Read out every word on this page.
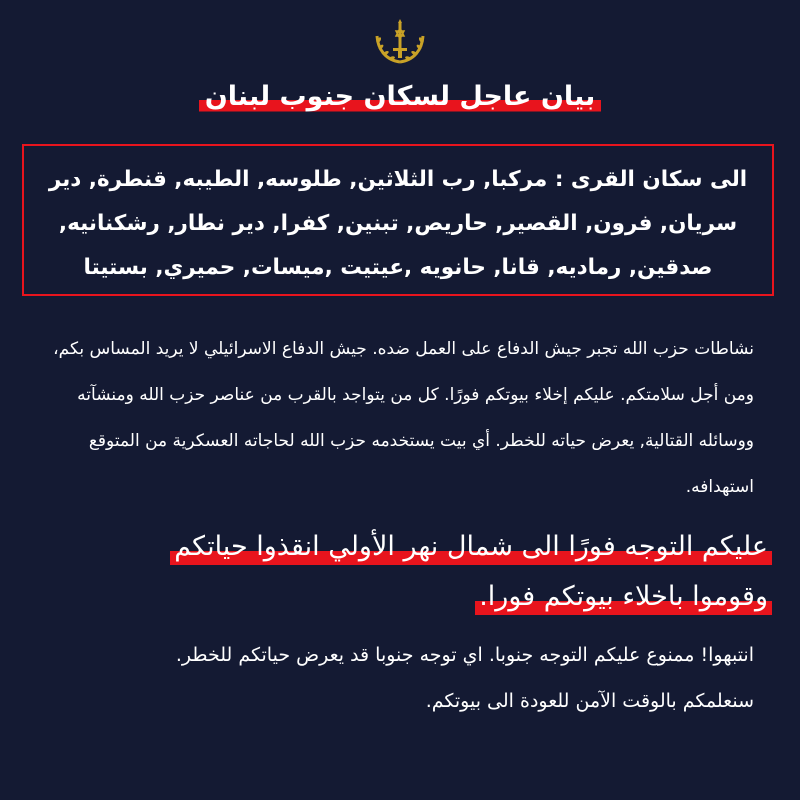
بيان عاجل لسكان جنوب لبنان

الى سكان القرى : مركبا, رب الثلاثين, طلوسه, الطيبه, قنطرة, دير سريان, فرون, القصير, حاريص, تبنين, كفرا, دير نطار, رشكنانيه, صدقين, رماديه, قانا, حانويه ,عيتيت ,ميسات, حميري, بستيتا

نشاطات حزب الله تجبر جيش الدفاع على العمل ضده. جيش الدفاع الاسرائيلي لا يريد المساس بكم، ومن أجل سلامتكم. عليكم إخلاء بيوتكم فورًا. كل من يتواجد بالقرب من عناصر حزب الله ومنشآته ووسائله القتالية, يعرض حياته للخطر. أي بيت يستخدمه حزب الله لحاجاته العسكرية من المتوقع استهدافه.

عليكم التوجه فورًا الى شمال نهر الأولي انقذوا حياتكم
وقوموا باخلاء بيوتكم فورا.
انتبهوا! ممنوع عليكم التوجه جنوبا. اي توجه جنوبا قد يعرض حياتكم للخطر.
سنعلمكم بالوقت الآمن للعودة الى بيوتكم.
